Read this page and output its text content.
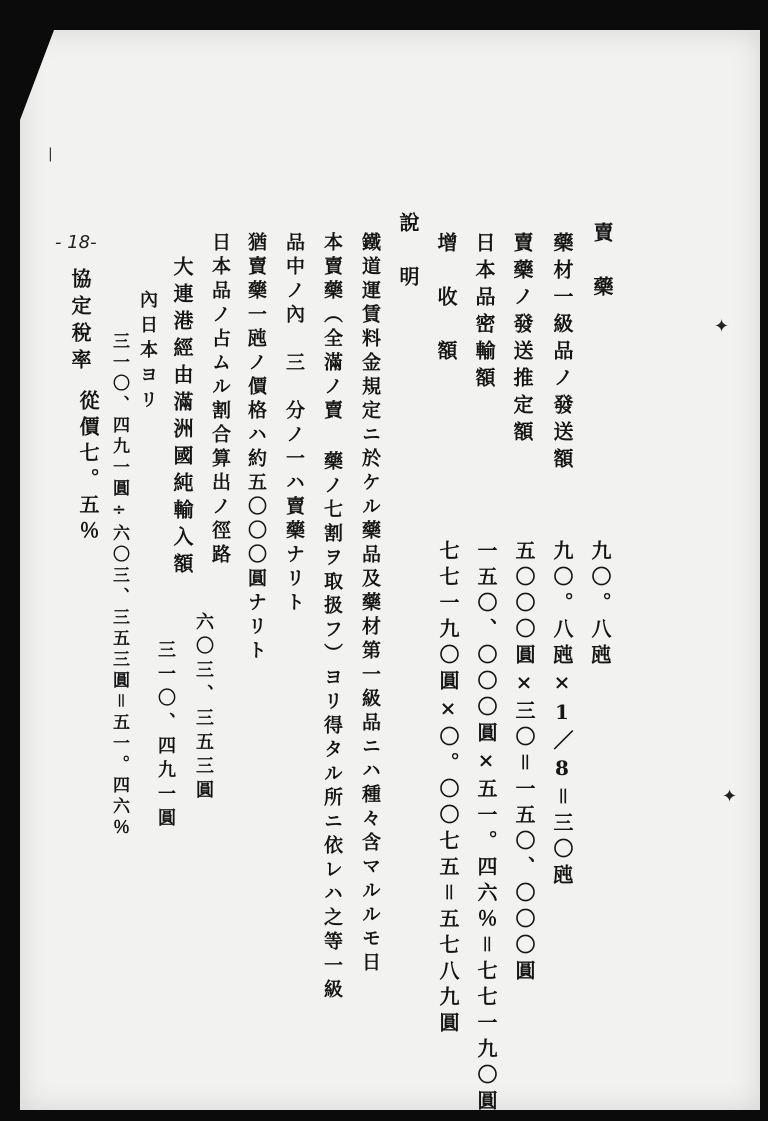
- 18-	賣　藥
藥材一級品ノ發送額
賣藥ノ發送推定額
九〇。八瓲
九〇。八瓲×1／8＝三〇瓲
五〇〇〇圓×三〇＝一五〇、〇〇〇圓
日本品密輸額
一五〇、〇〇〇圓×五一。四六％＝七七一九〇圓
增　收　額
七七一九〇圓×〇。〇〇七五＝五七八九圓
說　明
鐵道運賃料金規定ニ於ケル藥品及藥材第一級品ニハ種々含マルルモ日
本賣藥（全滿ノ賣 藥ノ七割ヲ取扱フ）ヨリ得タル所ニ依レハ之等一級
品中ノ內　三　分ノ一ハ賣藥ナリト
猶賣藥一瓲ノ價格ハ約五〇〇〇圓ナリト
日本品ノ占ムル割合算出ノ徑路
大連港經由滿洲國純輸入額
六〇三、三五三圓
內日本ヨリ
三一〇、四九一圓
三一〇、四九一圓÷六〇三、三五三圓＝五一。四六％
協定稅率
從價七。五％
✦
✦
|
